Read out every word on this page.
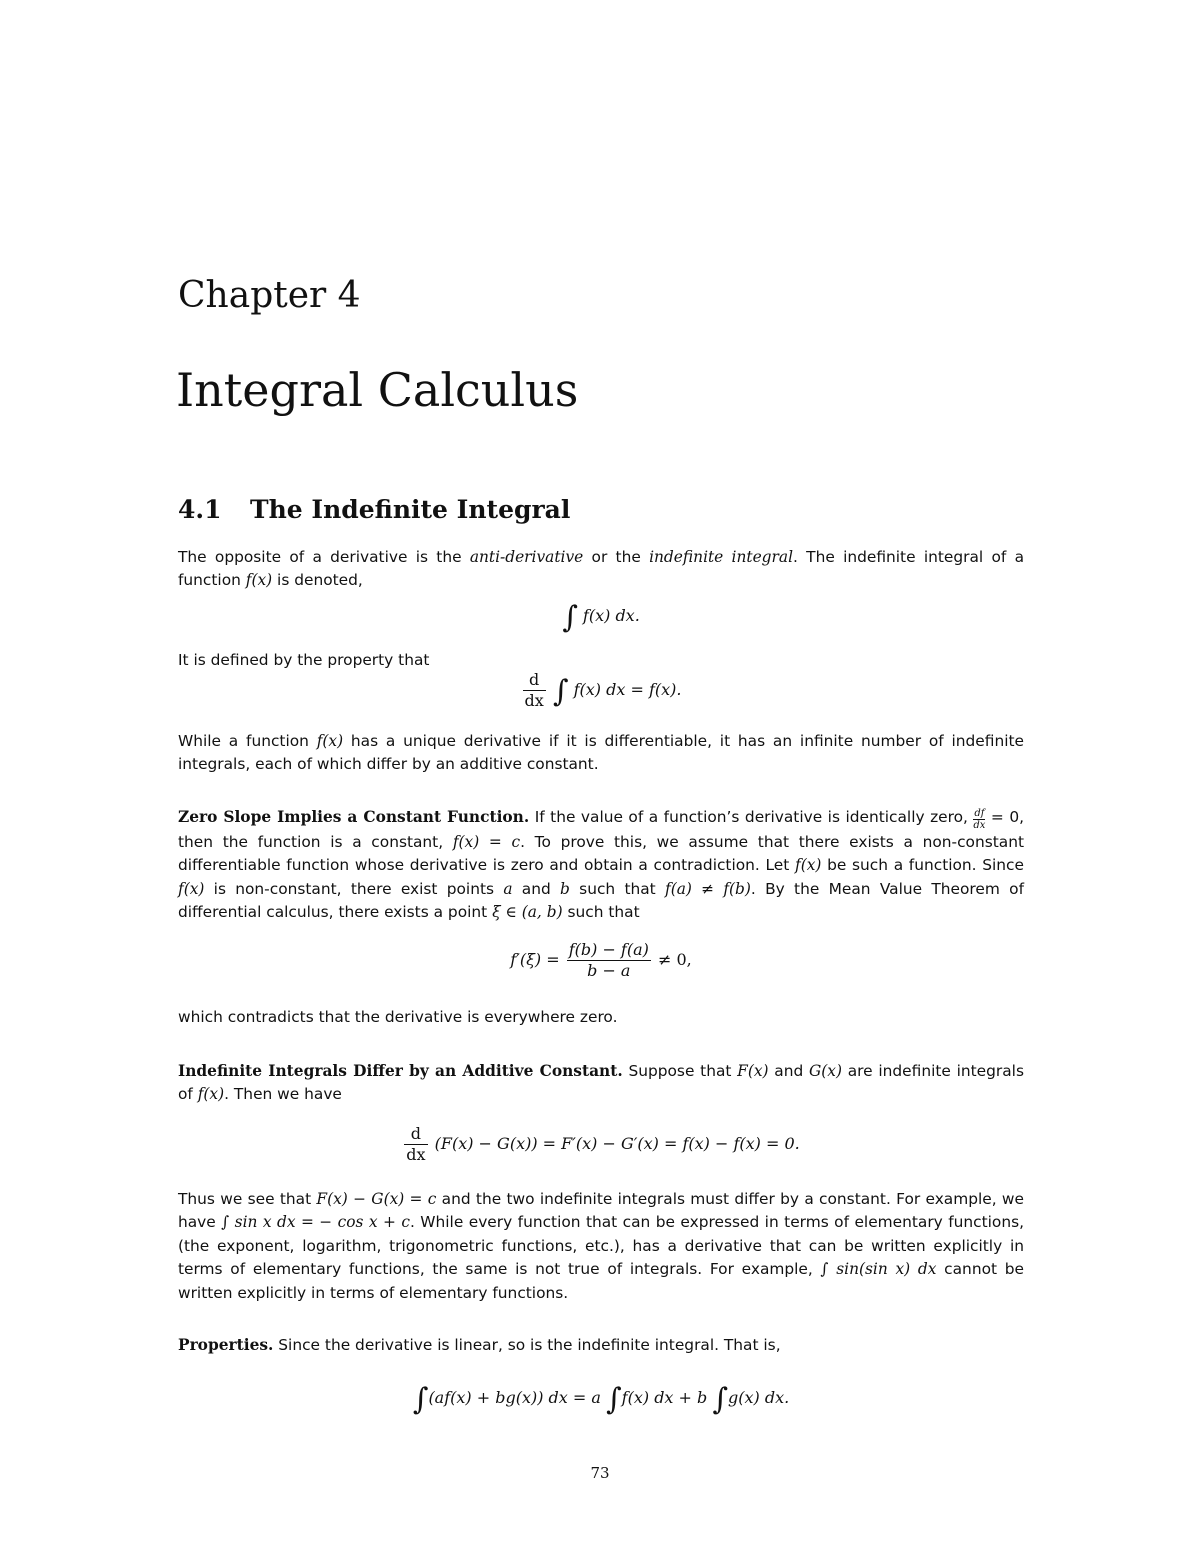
Chapter 4
Integral Calculus
4.1 The Indefinite Integral

The opposite of a derivative is the anti-derivative or the indefinite integral. The indefinite integral of a function f(x) is denoted,

∫ f(x) dx.

It is defined by the property that

$\frac{d}{dx}$ ∫ f(x) dx = f(x).

While a function f(x) has a unique derivative if it is differentiable, it has an infinite number of indefinite integrals, each of which differ by an additive constant.

Zero Slope Implies a Constant Function. If the value of a function’s derivative is identically zero, $\frac{df}{dx} = 0$, then the function is a constant, f(x) = c. To prove this, we assume that there exists a non-constant differentiable function whose derivative is zero and obtain a contradiction. Let f(x) be such a function. Since f(x) is non-constant, there exist points a and b such that f(a) ≠ f(b). By the Mean Value Theorem of differential calculus, there exists a point ξ ∈ (a, b) such that

$f'(\xi) = \frac{f(b) - f(a)}{b - a} \ne 0$,

which contradicts that the derivative is everywhere zero.

Indefinite Integrals Differ by an Additive Constant. Suppose that F(x) and G(x) are indefinite integrals of f(x). Then we have

$\frac{d}{dx} (F(x) - G(x)) = F'(x) - G'(x) = f(x) - f(x) = 0$.

Thus we see that F(x) − G(x) = c and the two indefinite integrals must differ by a constant. For example, we have ∫ sin x dx = − cos x + c. While every function that can be expressed in terms of elementary functions, (the exponent, logarithm, trigonometric functions, etc.), has a derivative that can be written explicitly in terms of elementary functions, the same is not true of integrals. For example, ∫ sin(sin x) dx cannot be written explicitly in terms of elementary functions.

Properties. Since the derivative is linear, so is the indefinite integral. That is,

∫(af(x) + bg(x)) dx = a ∫f(x) dx + b ∫g(x) dx.
73
